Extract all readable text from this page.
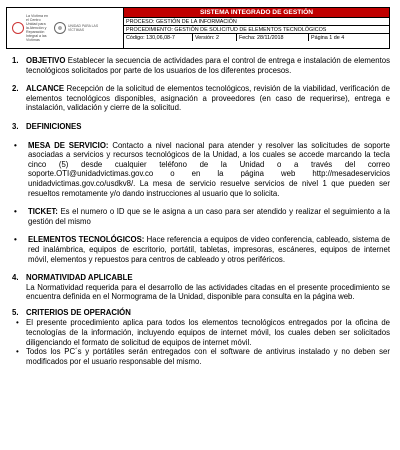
La Víctima en el Centro Unidad para la Atención y Reparación Integral a las Víctimas
UNIDAD PARA LAS VÍCTIMAS
SISTEMA INTEGRADO DE GESTIÓN
PROCESO: GESTIÓN DE LA INFORMACIÓN
PROCEDIMIENTO: GESTIÓN DE SOLICITUD DE ELEMENTOS TECNOLÓGICOS
Código: 130,06,08-7	Versión: 2	Fecha: 28/11/2018	Página 1 de 4
1. OBJETIVO Establecer la secuencia de actividades para el control de entrega e instalación de elementos tecnológicos solicitados por parte de los usuarios de los diferentes procesos.
2. ALCANCE Recepción de la solicitud de elementos tecnológicos, revisión de la viabilidad, verificación de elementos tecnológicos disponibles, asignación a proveedores (en caso de requerirse), entrega e instalación, validación y cierre de la solicitud.
3. DEFINICIONES
• MESA DE SERVICIO: Contacto a nivel nacional para atender y resolver las solicitudes de soporte asociadas a servicios y recursos tecnológicos de la Unidad, a los cuales se accede marcando la tecla cinco (5) desde cualquier teléfono de la Unidad o a través del correo soporte.OTI@unidadvictimas.gov.co o en la página web http://mesadeservicios unidadvictimas.gov.co/usdkv8/. La mesa de servicio resuelve servicios de nivel 1 que pueden ser resueltos remotamente y/o dando instrucciones al usuario que lo solicita.
• TICKET: Es el numero o ID que se le asigna a un caso para ser atendido y realizar el seguimiento a la gestión del mismo
• ELEMENTOS TECNOLÓGICOS: Hace referencia a equipos de video conferencia, cableado, sistema de red inalámbrica, equipos de escritorio, portátil, tabletas, impresoras, escáneres, equipos de internet móvil, elementos y repuestos para centros de cableado y otros periféricos.
4. NORMATIVIDAD APLICABLE
La Normatividad requerida para el desarrollo de las actividades citadas en el presente procedimiento se encuentra definida en el Normograma de la Unidad, disponible para consulta en la página web.
5. CRITERIOS DE OPERACIÓN
• El presente procedimiento aplica para todos los elementos tecnológicos entregados por la oficina de tecnologías de la información, incluyendo equipos de internet móvil, los cuales deben ser solicitados diligenciando el formato de solicitud de equipos de internet móvil.
• Todos los PC´s y portátiles serán entregados con el software de antivirus instalado y no deben ser modificados por el usuario responsable del mismo.
